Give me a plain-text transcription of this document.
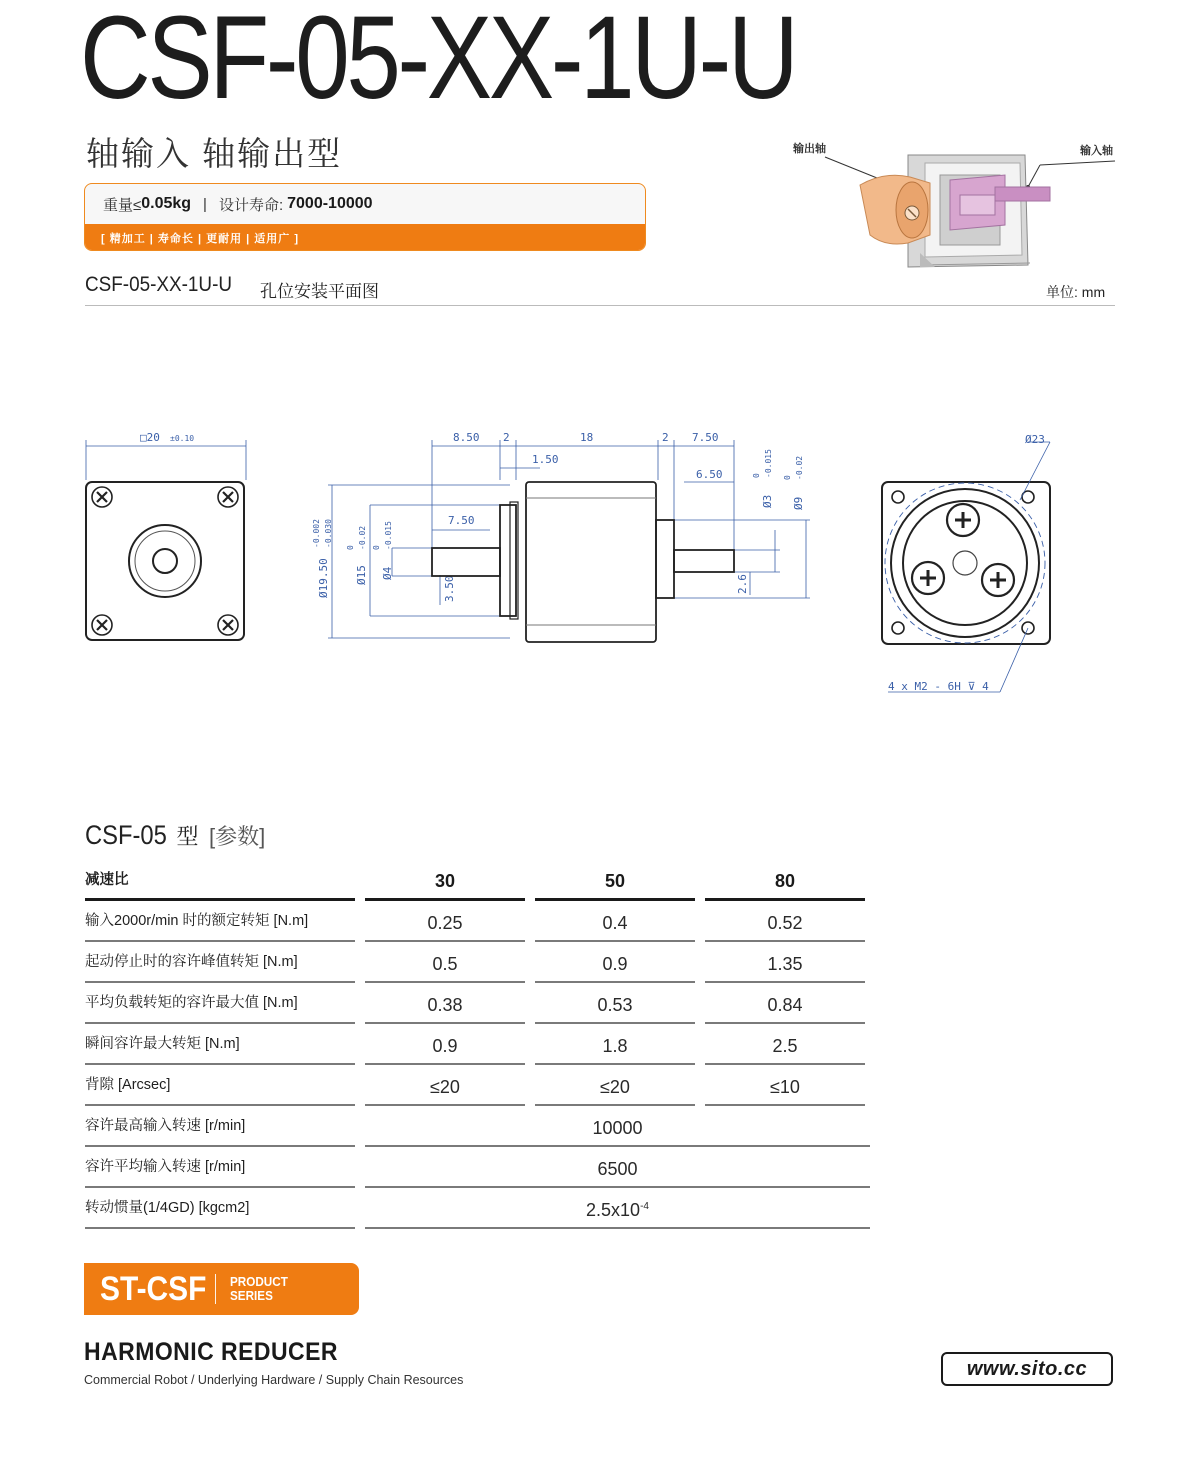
CSF-05-XX-1U-U
轴输入 轴输出型
重量≤ 0.05kg | 设计寿命: 7000-10000
[ 精加工 | 寿命长 | 更耐用 | 适用广 ]
输出轴	输入轴
CSF-05-XX-1U-U 孔位安装平面图	单位: mm
□20 ±0.10	8.50 2	18	2 7.50
1.50
6.50
7.50
3.50	2.6
Ø19.50
-0.002 -0.030
Ø15
0 -0.02
Ø4
0 -0.015
Ø3
0 -0.015
Ø9
0 -0.02
Ø23
4 x M2 - 6H ⊽ 4
CSF-05 型 [参数]
减速比	30	50	80
输入2000r/min 时的额定转矩 [N.m]	0.25	0.4	0.52
起动停止时的容许峰值转矩 [N.m]	0.5	0.9	1.35
平均负载转矩的容许最大值 [N.m]	0.38	0.53	0.84
瞬间容许最大转矩 [N.m]	0.9	1.8	2.5
背隙 [Arcsec]	≤20	≤20	≤10
容许最高输入转速 [r/min]	10000
容许平均输入转速 [r/min]	6500
转动惯量(1/4GD) [kgcm2]	$2.5x10^{-4}$
ST-CSF PRODUCT
SERIES
HARMONIC REDUCER
Commercial Robot / Underlying Hardware / Supply Chain Resources
www.sito.cc
